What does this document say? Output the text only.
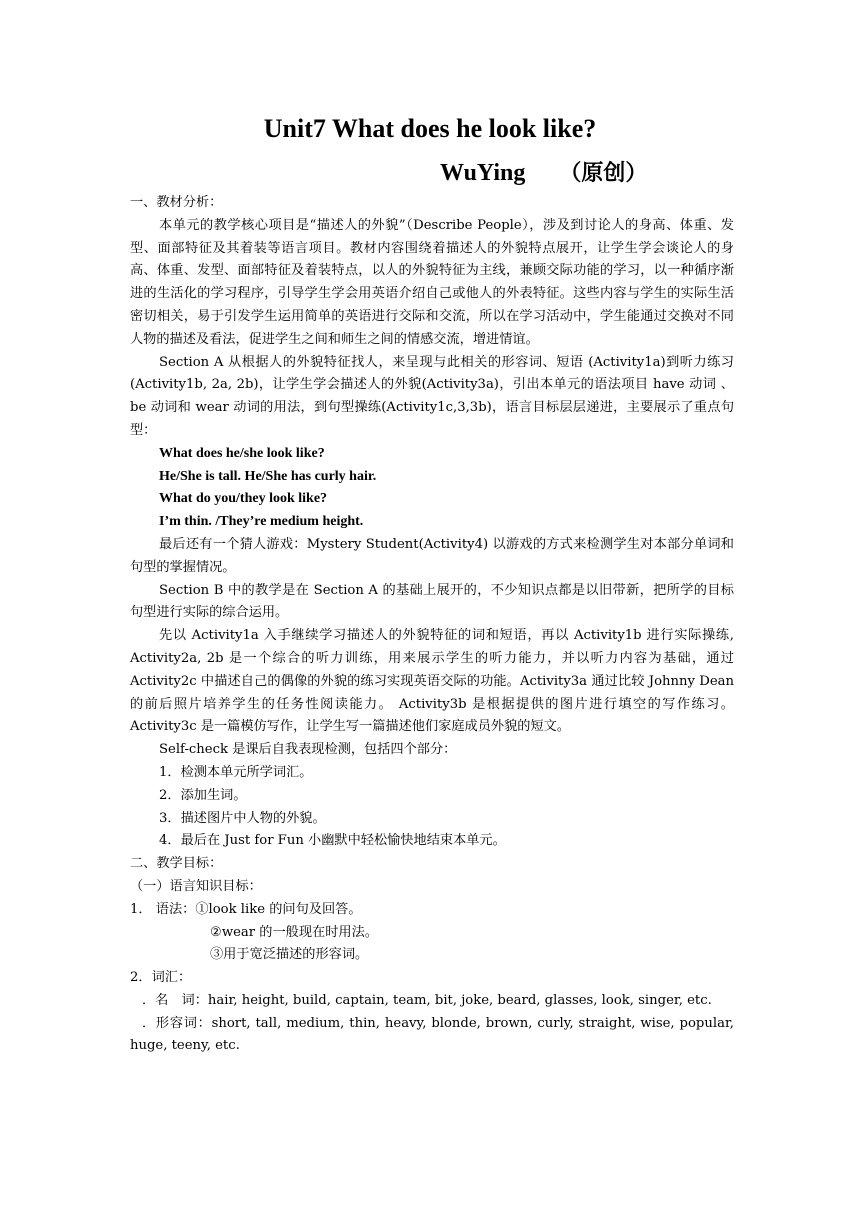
Unit7 What does he look like?
WuYing （原创）

一、教材分析：

本单元的教学核心项目是“描述人的外貌”（Describe People），涉及到讨论人的身高、体重、发型、面部特征及其着装等语言项目。教材内容围绕着描述人的外貌特点展开，让学生学会谈论人的身高、体重、发型、面部特征及着装特点，以人的外貌特征为主线，兼顾交际功能的学习，以一种循序渐进的生活化的学习程序，引导学生学会用英语介绍自己或他人的外表特征。这些内容与学生的实际生活密切相关，易于引发学生运用简单的英语进行交际和交流，所以在学习活动中，学生能通过交换对不同人物的描述及看法，促进学生之间和师生之间的情感交流，增进情谊。

Section A 从根据人的外貌特征找人，来呈现与此相关的形容词、短语 (Activity1a)到听力练习(Activity1b, 2a, 2b)，让学生学会描述人的外貌(Activity3a)，引出本单元的语法项目 have 动词 、be 动词和 wear 动词的用法，到句型操练(Activity1c,3,3b)，语言目标层层递进，主要展示了重点句型：

What does he/she look like?

He/She is tall. He/She has curly hair.

What do you/they look like?

I’m thin. /They’re medium height.

最后还有一个猜人游戏：Mystery Student(Activity4) 以游戏的方式来检测学生对本部分单词和句型的掌握情况。

Section B 中的教学是在 Section A 的基础上展开的，不少知识点都是以旧带新，把所学的目标句型进行实际的综合运用。

先以 Activity1a 入手继续学习描述人的外貌特征的词和短语，再以 Activity1b 进行实际操练, Activity2a, 2b 是一个综合的听力训练，用来展示学生的听力能力，并以听力内容为基础，通过 Activity2c 中描述自己的偶像的外貌的练习实现英语交际的功能。Activity3a 通过比较 Johnny Dean 的前后照片培养学生的任务性阅读能力。 Activity3b 是根据提供的图片进行填空的写作练习。Activity3c 是一篇模仿写作，让学生写一篇描述他们家庭成员外貌的短文。

Self-check 是课后自我表现检测，包括四个部分：

1．检测本单元所学词汇。

2．添加生词。

3．描述图片中人物的外貌。

4．最后在 Just for Fun 小幽默中轻松愉快地结束本单元。

二、教学目标：

（一）语言知识目标：

1． 语法：①look like 的问句及回答。

②wear 的一般现在时用法。

③用于宽泛描述的形容词。

2．词汇：

．名　词：hair, height, build, captain, team, bit, joke, beard, glasses, look, singer, etc.

．形容词：short, tall, medium, thin, heavy, blonde, brown, curly, straight, wise, popular, huge, teeny, etc.
